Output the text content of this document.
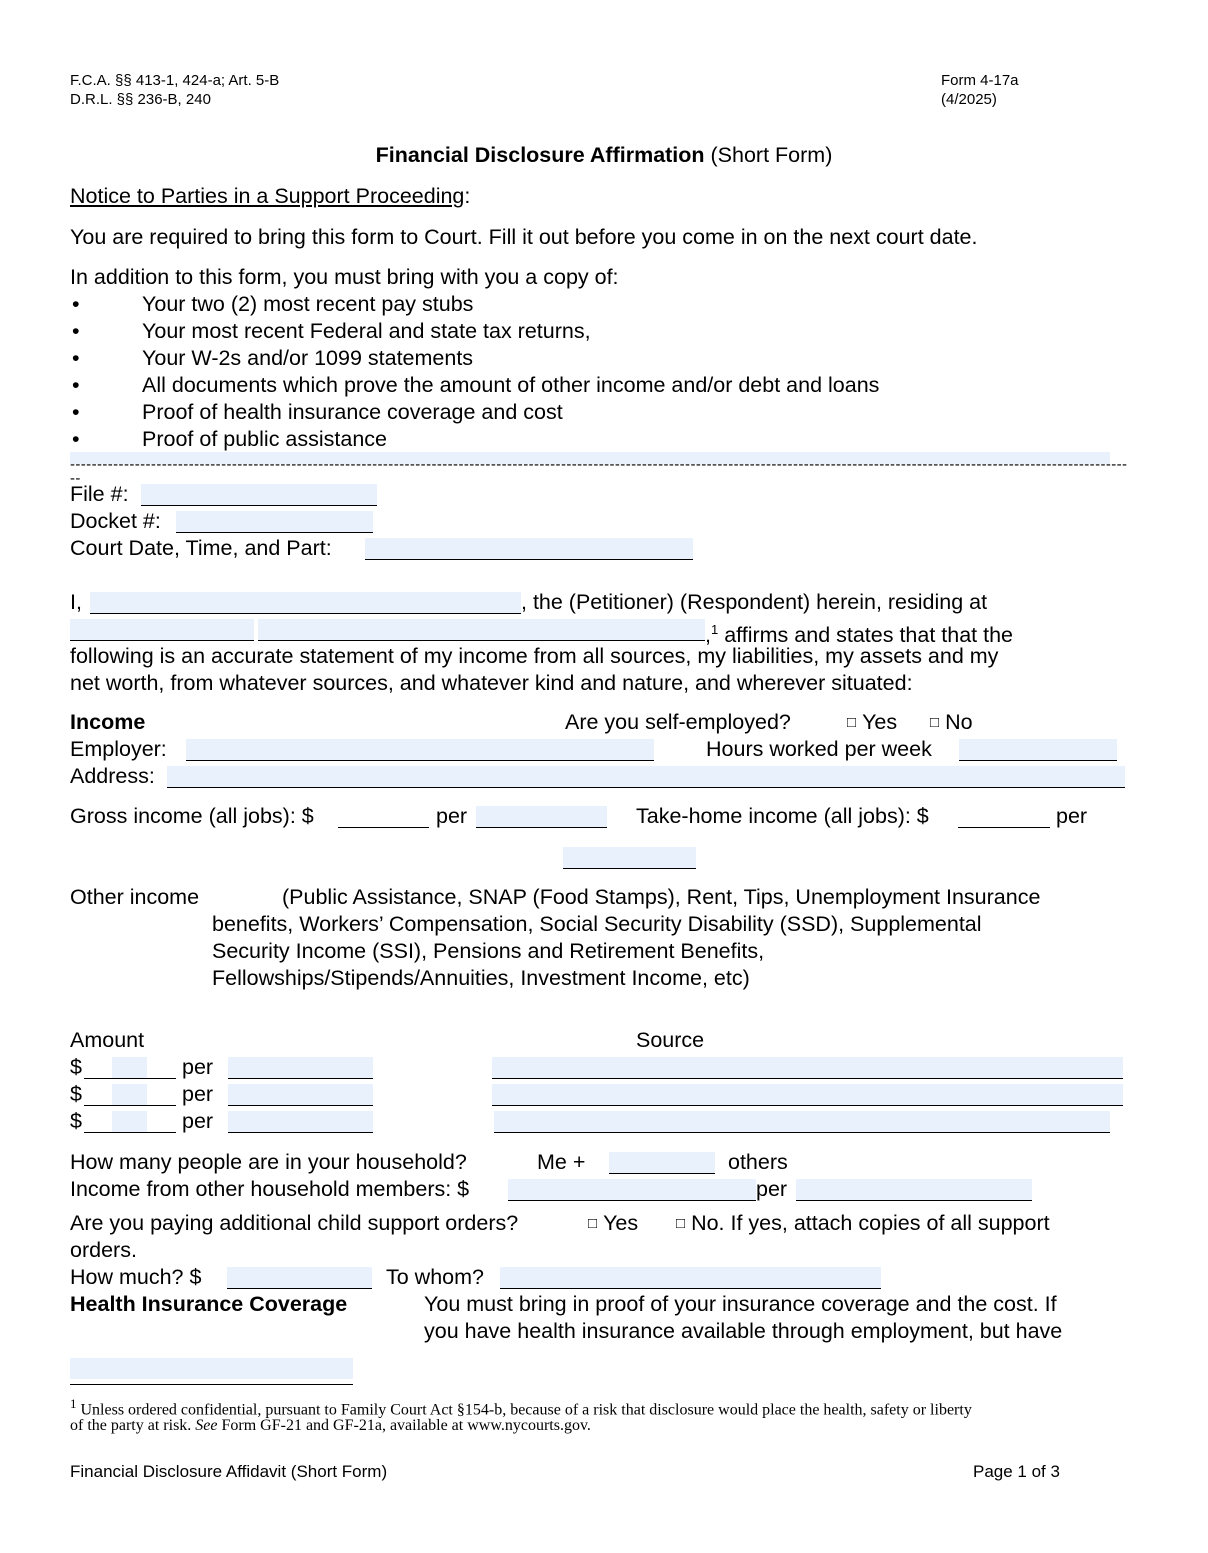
F.C.A. §§ 413-1, 424-a; Art. 5-B
D.R.L. §§ 236-B, 240
Form 4-17a
(4/2025)
Financial Disclosure Affirmation (Short Form)
Notice to Parties in a Support Proceeding:
You are required to bring this form to Court. Fill it out before you come in on the next court date.
In addition to this form, you must bring with you a copy of:
•	Your two (2) most recent pay stubs
•	Your most recent Federal and state tax returns,
•	Your W-2s and/or 1099 statements
•	All documents which prove the amount of other income and/or debt and loans
•	Proof of health insurance coverage and cost
•	Proof of public assistance
------------------------------------------------------------------------------------------------------------------------------------------------------------------------------------------------------
File #:
Docket #:
Court Date, Time, and Part:
I,	, the (Petitioner) (Respondent) herein, residing at
,$^1$ affirms and states that that the
following is an accurate statement of my income from all sources, my liabilities, my assets and my
net worth, from whatever sources, and whatever kind and nature, and wherever situated:
Income	Are you self-employed?	□ Yes □ No
Employer:	Hours worked per week
Address:
Gross income (all jobs): $	per	Take-home income (all jobs): $	per
Other income	(Public Assistance, SNAP (Food Stamps), Rent, Tips, Unemployment Insurance
benefits, Workers’ Compensation, Social Security Disability (SSD), Supplemental
Security Income (SSI), Pensions and Retirement Benefits,
Fellowships/Stipends/Annuities, Investment Income, etc)
Amount	Source
$	per
$	per
$	per
How many people are in your household?	Me +	others
Income from other household members: $	per
Are you paying additional child support orders?	□ Yes	□ No. If yes, attach copies of all support
orders.
How much? $	To whom?
Health Insurance Coverage	You must bring in proof of your insurance coverage and the cost. If
you have health insurance available through employment, but have
$^1$ Unless ordered confidential, pursuant to Family Court Act §154-b, because of a risk that disclosure would place the health, safety or liberty
of the party at risk. See Form GF-21 and GF-21a, available at www.nycourts.gov.
Financial Disclosure Affidavit (Short Form)	Page 1 of 3
